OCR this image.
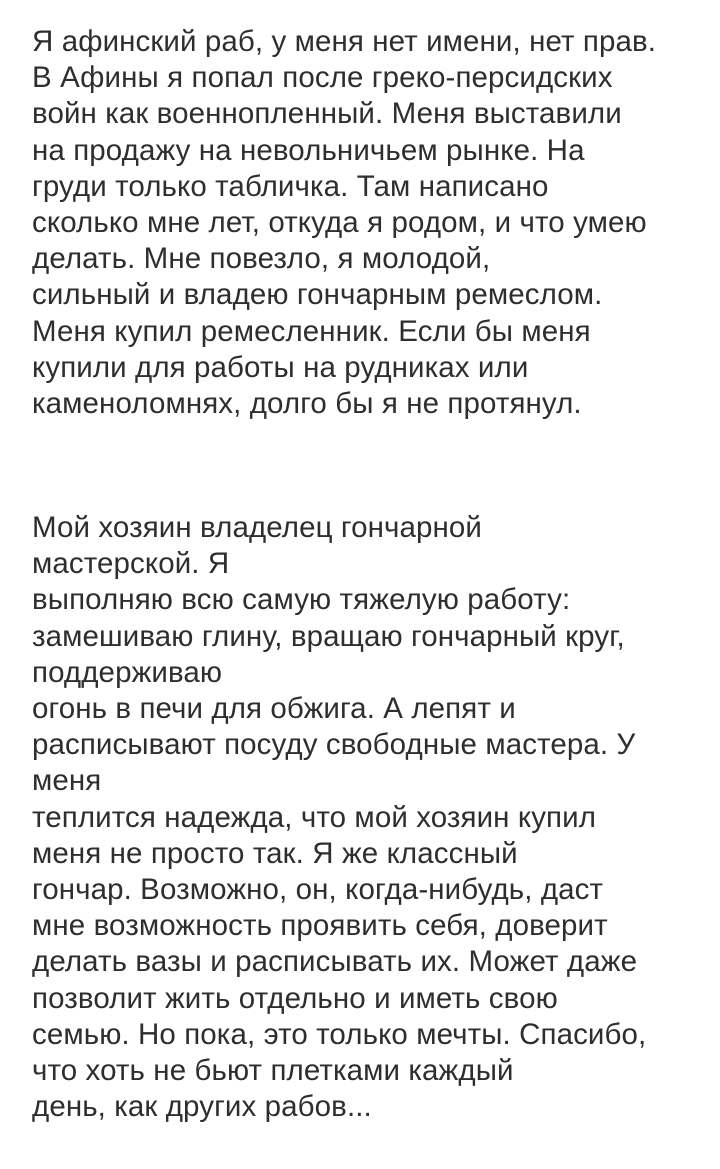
Я афинский раб, у меня нет имени, нет прав.
В Афины я попал после греко-персидских
войн как военнопленный. Меня выставили
на продажу на невольничьем рынке. На
груди только табличка. Там написано
сколько мне лет, откуда я родом, и что умею
делать. Мне повезло, я молодой,
сильный и владею гончарным ремеслом.
Меня купил ремесленник. Если бы меня
купили для работы на рудниках или
каменоломнях, долго бы я не протянул.

Мой хозяин владелец гончарной
мастерской. Я
выполняю всю самую тяжелую работу:
замешиваю глину, вращаю гончарный круг,
поддерживаю
огонь в печи для обжига. А лепят и
расписывают посуду свободные мастера. У
меня
теплится надежда, что мой хозяин купил
меня не просто так. Я же классный
гончар. Возможно, он, когда-нибудь, даст
мне возможность проявить себя, доверит
делать вазы и расписывать их. Может даже
позволит жить отдельно и иметь свою
семью. Но пока, это только мечты. Спасибо,
что хоть не бьют плетками каждый
день, как других рабов...
